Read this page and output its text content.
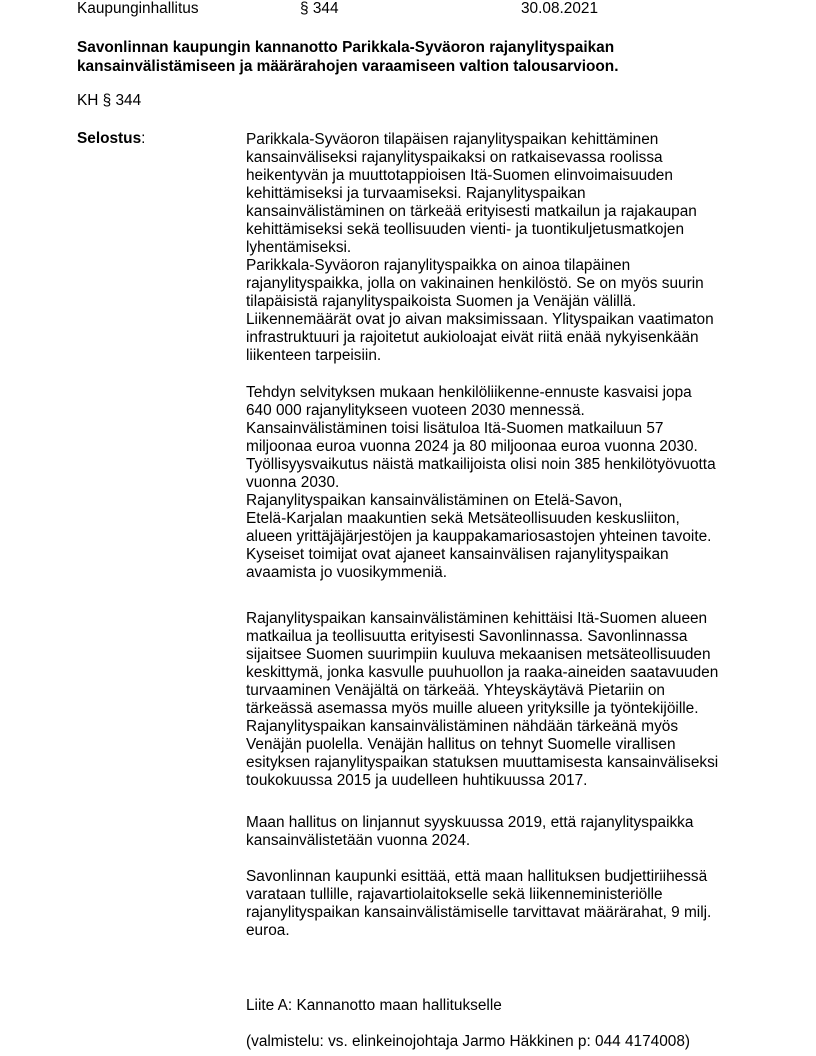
Kaupunginhallitus	§ 344	30.08.2021
Savonlinnan kaupungin kannanotto Parikkala-Syväoron rajanylityspaikan
kansainvälistämiseen ja määrärahojen varaamiseen valtion talousarvioon.
KH § 344
Selostus:	Parikkala-Syväoron tilapäisen rajanylityspaikan kehittäminen
kansainväliseksi rajanylityspaikaksi on ratkaisevassa roolissa
heikentyvän ja muuttotappioisen Itä-Suomen elinvoimaisuuden
kehittämiseksi ja turvaamiseksi. Rajanylityspaikan
kansainvälistäminen on tärkeää erityisesti matkailun ja rajakaupan
kehittämiseksi sekä teollisuuden vienti- ja tuontikuljetusmatkojen
lyhentämiseksi.
Parikkala-Syväoron rajanylityspaikka on ainoa tilapäinen
rajanylityspaikka, jolla on vakinainen henkilöstö. Se on myös suurin
tilapäisistä rajanylityspaikoista Suomen ja Venäjän välillä.
Liikennemäärät ovat jo aivan maksimissaan. Ylityspaikan vaatimaton
infrastruktuuri ja rajoitetut aukioloajat eivät riitä enää nykyisenkään
liikenteen tarpeisiin.
Tehdyn selvityksen mukaan henkilöliikenne-ennuste kasvaisi jopa
640 000 rajanylitykseen vuoteen 2030 mennessä.
Kansainvälistäminen toisi lisätuloa Itä-Suomen matkailuun 57
miljoonaa euroa vuonna 2024 ja 80 miljoonaa euroa vuonna 2030.
Työllisyysvaikutus näistä matkailijoista olisi noin 385 henkilötyövuotta
vuonna 2030.
Rajanylityspaikan kansainvälistäminen on Etelä-Savon,
Etelä-Karjalan maakuntien sekä Metsäteollisuuden keskusliiton,
alueen yrittäjäjärjestöjen ja kauppakamariosastojen yhteinen tavoite.
Kyseiset toimijat ovat ajaneet kansainvälisen rajanylityspaikan
avaamista jo vuosikymmeniä.
Rajanylityspaikan kansainvälistäminen kehittäisi Itä-Suomen alueen
matkailua ja teollisuutta erityisesti Savonlinnassa. Savonlinnassa
sijaitsee Suomen suurimpiin kuuluva mekaanisen metsäteollisuuden
keskittymä, jonka kasvulle puuhuollon ja raaka-aineiden saatavuuden
turvaaminen Venäjältä on tärkeää. Yhteyskäytävä Pietariin on
tärkeässä asemassa myös muille alueen yrityksille ja työntekijöille.
Rajanylityspaikan kansainvälistäminen nähdään tärkeänä myös
Venäjän puolella. Venäjän hallitus on tehnyt Suomelle virallisen
esityksen rajanylityspaikan statuksen muuttamisesta kansainväliseksi
toukokuussa 2015 ja uudelleen huhtikuussa 2017.
Maan hallitus on linjannut syyskuussa 2019, että rajanylityspaikka
kansainvälistetään vuonna 2024.
Savonlinnan kaupunki esittää, että maan hallituksen budjettiriihessä
varataan tullille, rajavartiolaitokselle sekä liikenneministeriölle
rajanylityspaikan kansainvälistämiselle tarvittavat määrärahat, 9 milj.
euroa.
Liite A: Kannanotto maan hallitukselle
(valmistelu: vs. elinkeinojohtaja Jarmo Häkkinen p: 044 4174008)
